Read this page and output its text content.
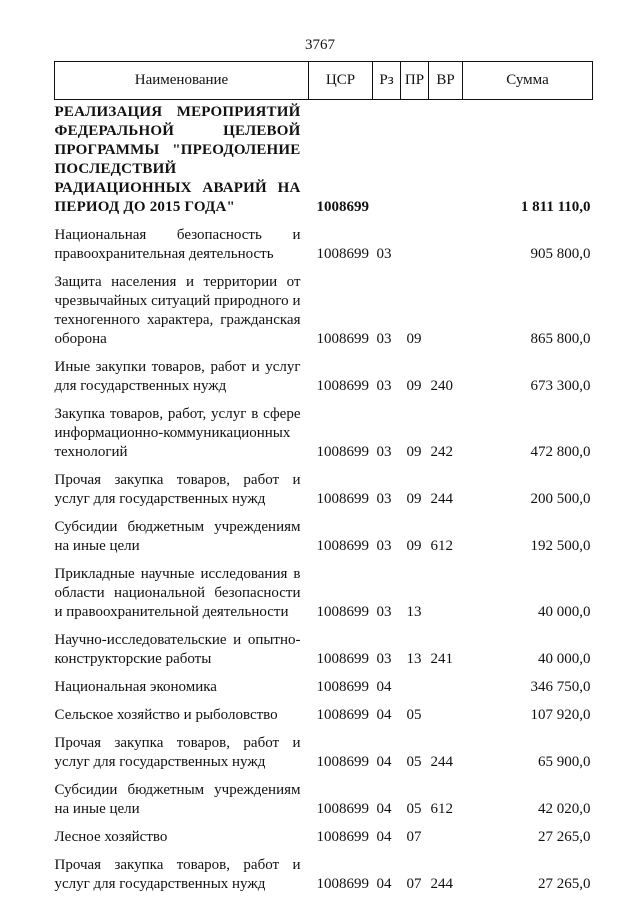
3767
Наименование	ЦСР	Рз	ПР	ВР	Сумма
РЕАЛИЗАЦИЯ МЕРОПРИЯТИЙ ФЕДЕРАЛЬНОЙ ЦЕЛЕВОЙ ПРОГРАММЫ "ПРЕОДОЛЕНИЕ ПОСЛЕДСТВИЙ РАДИАЦИОННЫХ АВАРИЙ НА ПЕРИОД ДО 2015 ГОДА"	1008699				1 811 110,0
Национальная безопасность и правоохранительная деятельность	1008699	03			905 800,0
Защита населения и территории от чрезвычайных ситуаций природного и техногенного характера, гражданская оборона	1008699	03	09		865 800,0
Иные закупки товаров, работ и услуг для государственных нужд	1008699	03	09	240	673 300,0
Закупка товаров, работ, услуг в сфере информационно-коммуникационных технологий	1008699	03	09	242	472 800,0
Прочая закупка товаров, работ и услуг для государственных нужд	1008699	03	09	244	200 500,0
Субсидии бюджетным учреждениям на иные цели	1008699	03	09	612	192 500,0
Прикладные научные исследования в области национальной безопасности и правоохранительной деятельности	1008699	03	13		40 000,0
Научно-исследовательские и опытно-конструкторские работы	1008699	03	13	241	40 000,0
Национальная экономика	1008699	04			346 750,0
Сельское хозяйство и рыболовство	1008699	04	05		107 920,0
Прочая закупка товаров, работ и услуг для государственных нужд	1008699	04	05	244	65 900,0
Субсидии бюджетным учреждениям на иные цели	1008699	04	05	612	42 020,0
Лесное хозяйство	1008699	04	07		27 265,0
Прочая закупка товаров, работ и услуг для государственных нужд	1008699	04	07	244	27 265,0
